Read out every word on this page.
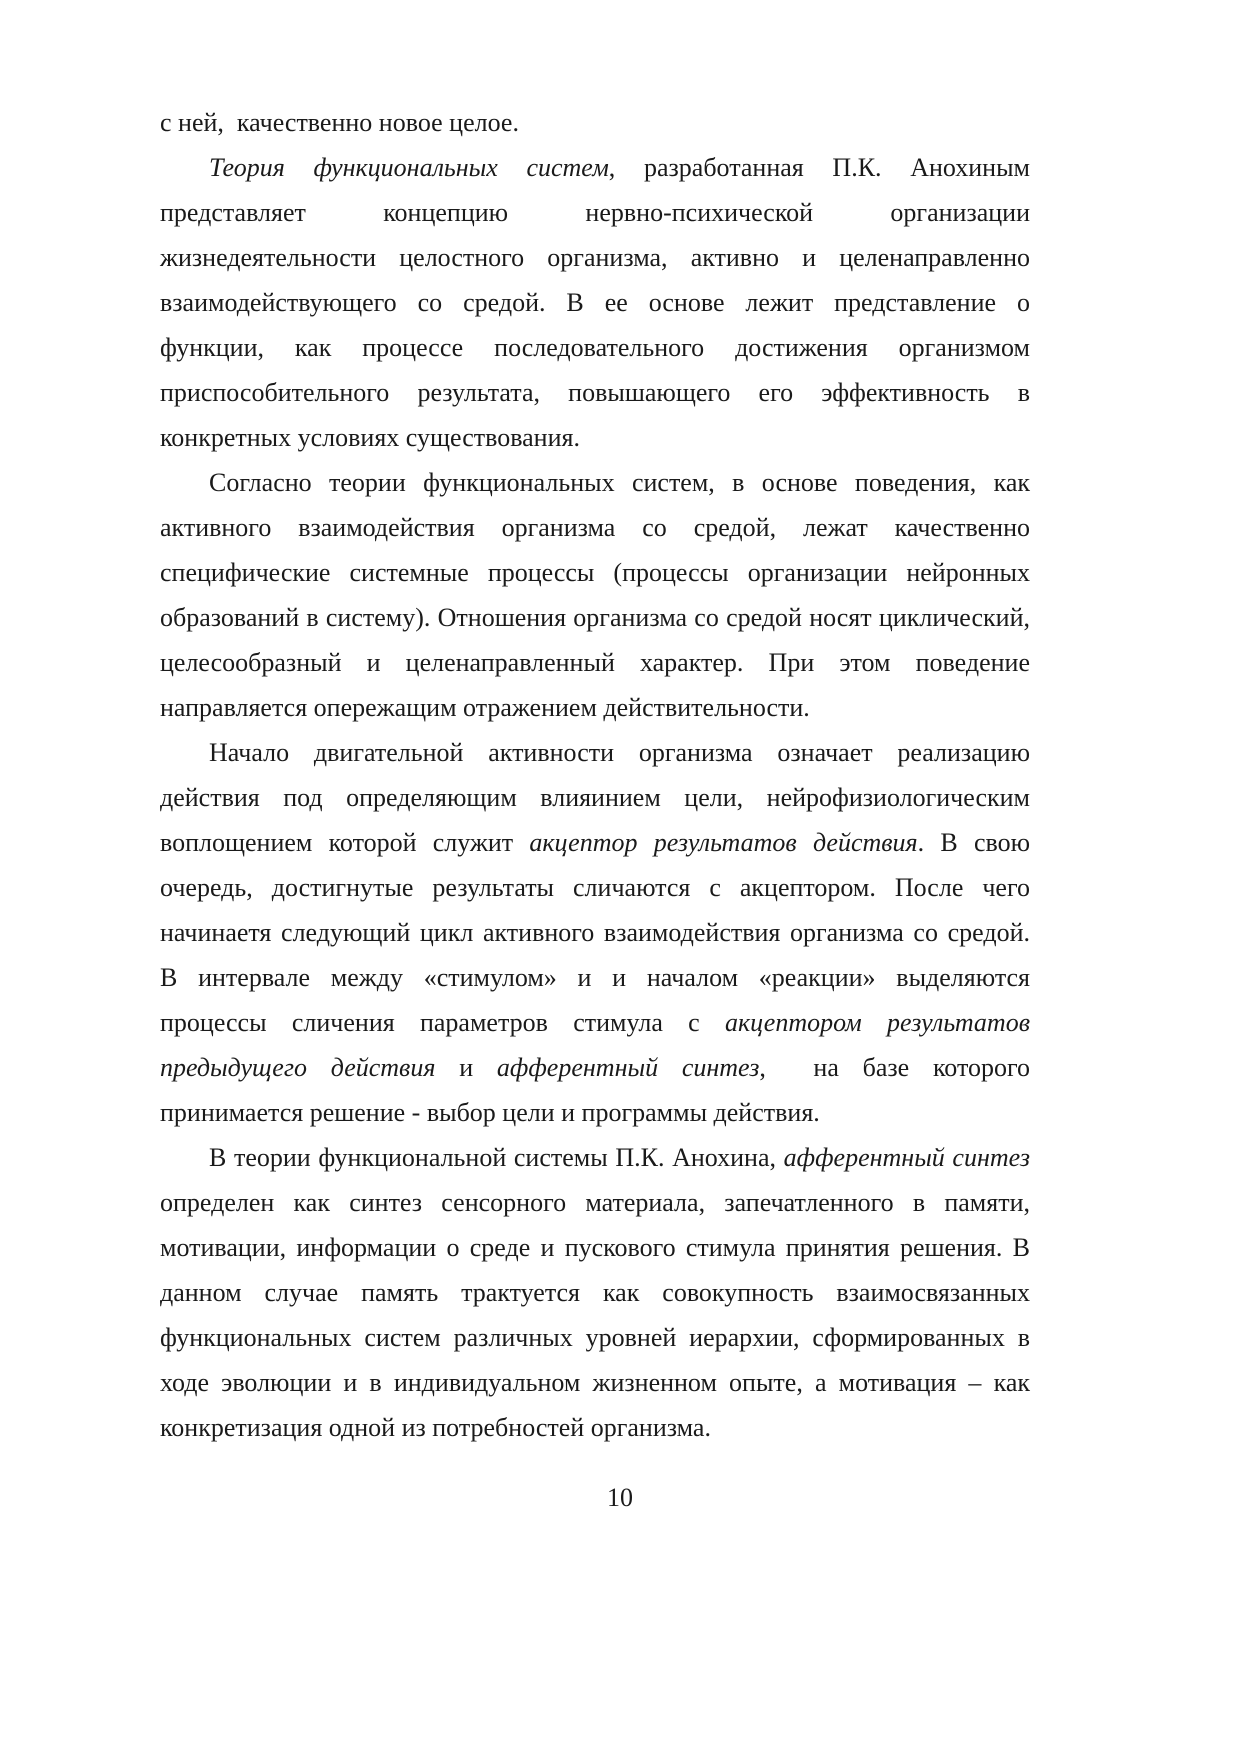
с ней,  качественно новое целое.
Теория функциональных систем, разработанная П.К. Анохиным
представляет концепцию нервно-психической организации
жизнедеятельности целостного организма, активно и целенаправленно
взаимодействующего со средой. В ее основе лежит представление о
функции, как процессе последовательного достижения организмом
приспособительного результата, повышающего его эффективность в
конкретных условиях существования.
Согласно теории функциональных систем, в основе поведения, как
активного взаимодействия организма со средой, лежат качественно
специфические системные процессы (процессы организации нейронных
образований в систему). Отношения организма со средой носят циклический,
целесообразный и целенаправленный характер. При этом поведение
направляется опережащим отражением действительности.
Начало двигательной активности организма означает реализацию
действия под определяющим влияинием цели, нейрофизиологическим
воплощением которой служит акцептор результатов действия. В свою
очередь, достигнутые результаты сличаются с акцептором. После чего
начинаетя следующий цикл активного взаимодействия организма со средой.
В интервале между «стимулом» и и началом «реакции» выделяются
процессы сличения параметров стимула с акцептором результатов
предыдущего действия и афферентный синтез,  на базе которого
принимается решение - выбор цели и программы действия.
В теории функциональной системы П.К. Анохина, афферентный синтез
определен как синтез сенсорного материала, запечатленного в памяти,
мотивации, информации о среде и пускового стимула принятия решения. В
данном случае память трактуется как совокупность взаимосвязанных
функциональных систем различных уровней иерархии, сформированных в
ходе эволюции и в индивидуальном жизненном опыте, а мотивация – как
конкретизация одной из потребностей организма.
10
